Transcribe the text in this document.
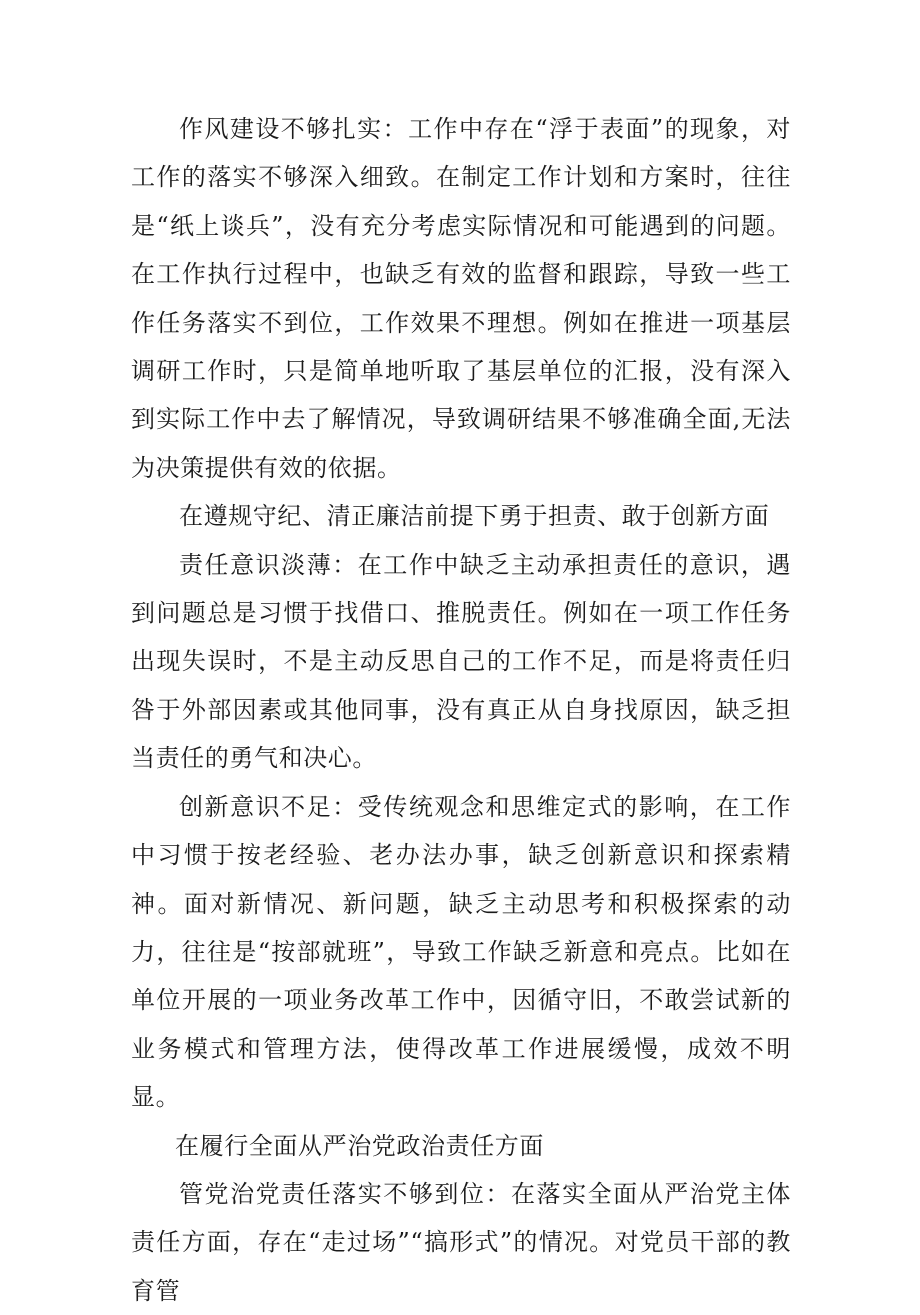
作风建设不够扎实：工作中存在“浮于表面”的现象，对工作的落实不够深入细致。在制定工作计划和方案时，往往是“纸上谈兵”，没有充分考虑实际情况和可能遇到的问题。在工作执行过程中，也缺乏有效的监督和跟踪，导致一些工作任务落实不到位，工作效果不理想。例如在推进一项基层调研工作时，只是简单地听取了基层单位的汇报，没有深入到实际工作中去了解情况，导致调研结果不够准确全面,无法为决策提供有效的依据。

在遵规守纪、清正廉洁前提下勇于担责、敢于创新方面

责任意识淡薄：在工作中缺乏主动承担责任的意识，遇到问题总是习惯于找借口、推脱责任。例如在一项工作任务出现失误时，不是主动反思自己的工作不足，而是将责任归咎于外部因素或其他同事，没有真正从自身找原因，缺乏担当责任的勇气和决心。

创新意识不足：受传统观念和思维定式的影响，在工作中习惯于按老经验、老办法办事，缺乏创新意识和探索精神。面对新情况、新问题，缺乏主动思考和积极探索的动力，往往是“按部就班”，导致工作缺乏新意和亮点。比如在单位开展的一项业务改革工作中，因循守旧，不敢尝试新的业务模式和管理方法，使得改革工作进展缓慢，成效不明显。

在履行全面从严治党政治责任方面

管党治党责任落实不够到位：在落实全面从严治党主体责任方面，存在“走过场”“搞形式”的情况。对党员干部的教育管
